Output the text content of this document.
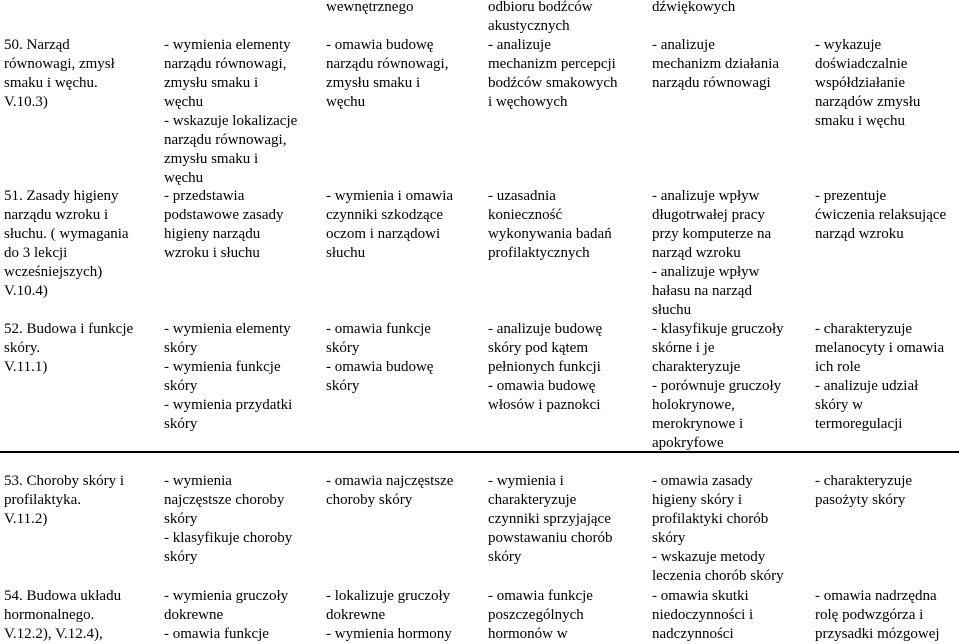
wewnętrznego	odbioru bodźców
akustycznych
dźwiękowych
50. Narząd
równowagi, zmysł
smaku i węchu.
V.10.3)
- wymienia elementy
narządu równowagi,
zmysłu smaku i
węchu
- wskazuje lokalizacje
narządu równowagi,
zmysłu smaku i
węchu
- omawia budowę
narządu równowagi,
zmysłu smaku i
węchu
- analizuje
mechanizm percepcji
bodźców smakowych
i węchowych
- analizuje
mechanizm działania
narządu równowagi
- wykazuje
doświadczalnie
współdziałanie
narządów zmysłu
smaku i węchu
51. Zasady higieny
narządu wzroku i
słuchu. ( wymagania
do 3 lekcji
wcześniejszych)
V.10.4)
- przedstawia
podstawowe zasady
higieny narządu
wzroku i słuchu
- wymienia i omawia
czynniki szkodzące
oczom i narządowi
słuchu
- uzasadnia
konieczność
wykonywania badań
profilaktycznych
- analizuje wpływ
długotrwałej pracy
przy komputerze na
narząd wzroku
- analizuje wpływ
hałasu na narząd
słuchu
- prezentuje
ćwiczenia relaksujące
narząd wzroku
52. Budowa i funkcje
skóry.
V.11.1)
- wymienia elementy
skóry
- wymienia funkcje
skóry
- wymienia przydatki
skóry
- omawia funkcje
skóry
- omawia budowę
skóry
- analizuje budowę
skóry pod kątem
pełnionych funkcji
- omawia budowę
włosów i paznokci
- klasyfikuje gruczoły
skórne i je
charakteryzuje
- porównuje gruczoły
holokrynowe,
merokrynowe i
apokryfowe
- charakteryzuje
melanocyty i omawia
ich role
- analizuje udział
skóry w
termoregulacji
53. Choroby skóry i
profilaktyka.
V.11.2)
- wymienia
najczęstsze choroby
skóry
- klasyfikuje choroby
skóry
- omawia najczęstsze
choroby skóry
- wymienia i
charakteryzuje
czynniki sprzyjające
powstawaniu chorób
skóry
- omawia zasady
higieny skóry i
profilaktyki chorób
skóry
- wskazuje metody
leczenia chorób skóry
- charakteryzuje
pasożyty skóry
54. Budowa układu
hormonalnego.
V.12.2), V.12.4),
- wymienia gruczoły
dokrewne
- omawia funkcje
- lokalizuje gruczoły
dokrewne
- wymienia hormony
- omawia funkcje
poszczególnych
hormonów w
- omawia skutki
niedoczynności i
nadczynności
- omawia nadrzędna
rolę podwzgórza i
przysadki mózgowej
